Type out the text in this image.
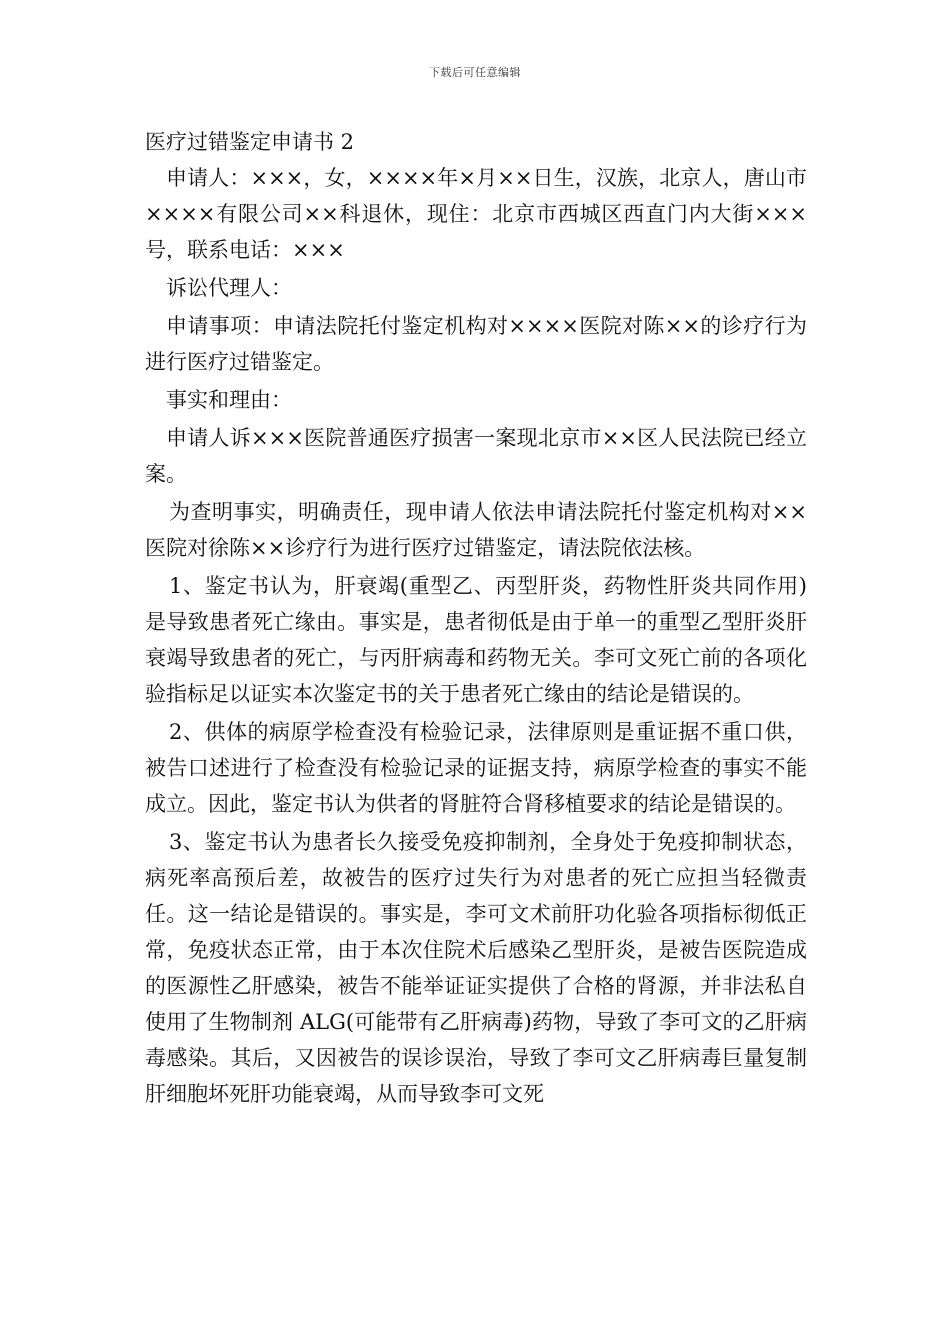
下载后可任意编辑
医疗过错鉴定申请书 2

申请人：×××，女，××××年×月××日生，汉族，北京人，唐山市××××有限公司××科退休，现住：北京市西城区西直门内大街×××号，联系电话：×××

诉讼代理人：

申请事项：申请法院托付鉴定机构对××××医院对陈××的诊疗行为进行医疗过错鉴定。

事实和理由：

申请人诉×××医院普通医疗损害一案现北京市××区人民法院已经立案。

为查明事实，明确责任，现申请人依法申请法院托付鉴定机构对××医院对徐陈××诊疗行为进行医疗过错鉴定，请法院依法核。

1、鉴定书认为，肝衰竭(重型乙、丙型肝炎，药物性肝炎共同作用)是导致患者死亡缘由。事实是，患者彻低是由于单一的重型乙型肝炎肝衰竭导致患者的死亡，与丙肝病毒和药物无关。李可文死亡前的各项化验指标足以证实本次鉴定书的关于患者死亡缘由的结论是错误的。

2、供体的病原学检查没有检验记录，法律原则是重证据不重口供，被告口述进行了检查没有检验记录的证据支持，病原学检查的事实不能成立。因此，鉴定书认为供者的肾脏符合肾移植要求的结论是错误的。

3、鉴定书认为患者长久接受免疫抑制剂，全身处于免疫抑制状态，病死率高预后差，故被告的医疗过失行为对患者的死亡应担当轻微责任。这一结论是错误的。事实是，李可文术前肝功化验各项指标彻低正常，免疫状态正常，由于本次住院术后感染乙型肝炎，是被告医院造成的医源性乙肝感染，被告不能举证证实提供了合格的肾源，并非法私自使用了生物制剂 ALG(可能带有乙肝病毒)药物，导致了李可文的乙肝病毒感染。其后，又因被告的误诊误治，导致了李可文乙肝病毒巨量复制肝细胞坏死肝功能衰竭，从而导致李可文死
